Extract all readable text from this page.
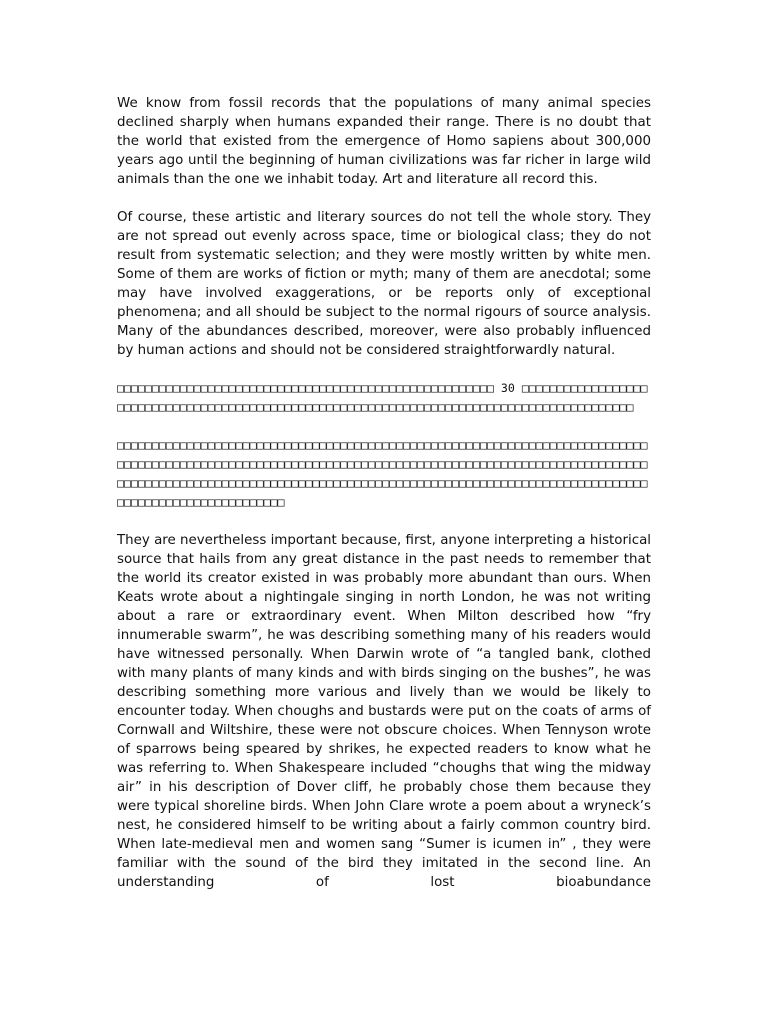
We know from fossil records that the populations of many animal species declined sharply when humans expanded their range. There is no doubt that the world that existed from the emergence of Homo sapiens about 300,000 years ago until the beginning of human civilizations was far richer in large wild animals than the one we inhabit today. Art and literature all record this.

Of course, these artistic and literary sources do not tell the whole story. They are not spread out evenly across space, time or biological class; they do not result from systematic selection; and they were mostly written by white men. Some of them are works of fiction or myth; many of them are anecdotal; some may have involved exaggerations, or be reports only of exceptional phenomena; and all should be subject to the normal rigours of source analysis. Many of the abundances described, moreover, were also probably influenced by human actions and should not be considered straightforwardly natural.

□□□□□□□□□□□□□□□□□□□□□□□□□□□□□□□□□□□□□□□□□□□□□□□□□□□□□□ 30 □□□□□□□□□□□□□□□□□□□□□□□□□□□□□□□□□□□□□□□□□□□□□□□□□□□□□□□□□□□□□□□□□□□□□□□□□□□□□□□□□□□□□□□□□□□□

□□□□□□□□□□□□□□□□□□□□□□□□□□□□□□□□□□□□□□□□□□□□□□□□□□□□□□□□□□□□□□□□□□□□□□□□□□□□□□□□□□□□□□□□□□□□□□□□□□□□□□□□□□□□□□□□□□□□□□□□□□□□□□□□□□□□□□□□□□□□□□□□□□□□□□□□□□□□□□□□□□□□□□□□□□□□□□□□□□□□□□□□□□□□□□□□□□□□□□□□□□□□□□□□□□□□□□□□□□□□□□□□□□□□□□□□□□□□□□□□□□□□□□□□□□□□

They are nevertheless important because, first, anyone interpreting a historical source that hails from any great distance in the past needs to remember that the world its creator existed in was probably more abundant than ours. When Keats wrote about a nightingale singing in north London, he was not writing about a rare or extraordinary event. When Milton described how “fry innumerable swarm”, he was describing something many of his readers would have witnessed personally. When Darwin wrote of “a tangled bank, clothed with many plants of many kinds and with birds singing on the bushes”, he was describing something more various and lively than we would be likely to encounter today. When choughs and bustards were put on the coats of arms of Cornwall and Wiltshire, these were not obscure choices. When Tennyson wrote of sparrows being speared by shrikes, he expected readers to know what he was referring to. When Shakespeare included “choughs that wing the midway air” in his description of Dover cliff, he probably chose them because they were typical shoreline birds. When John Clare wrote a poem about a wryneck’s nest, he considered himself to be writing about a fairly common country bird. When late-medieval men and women sang “Sumer is icumen in” , they were familiar with the sound of the bird they imitated in the second line. An understanding of lost bioabundance
